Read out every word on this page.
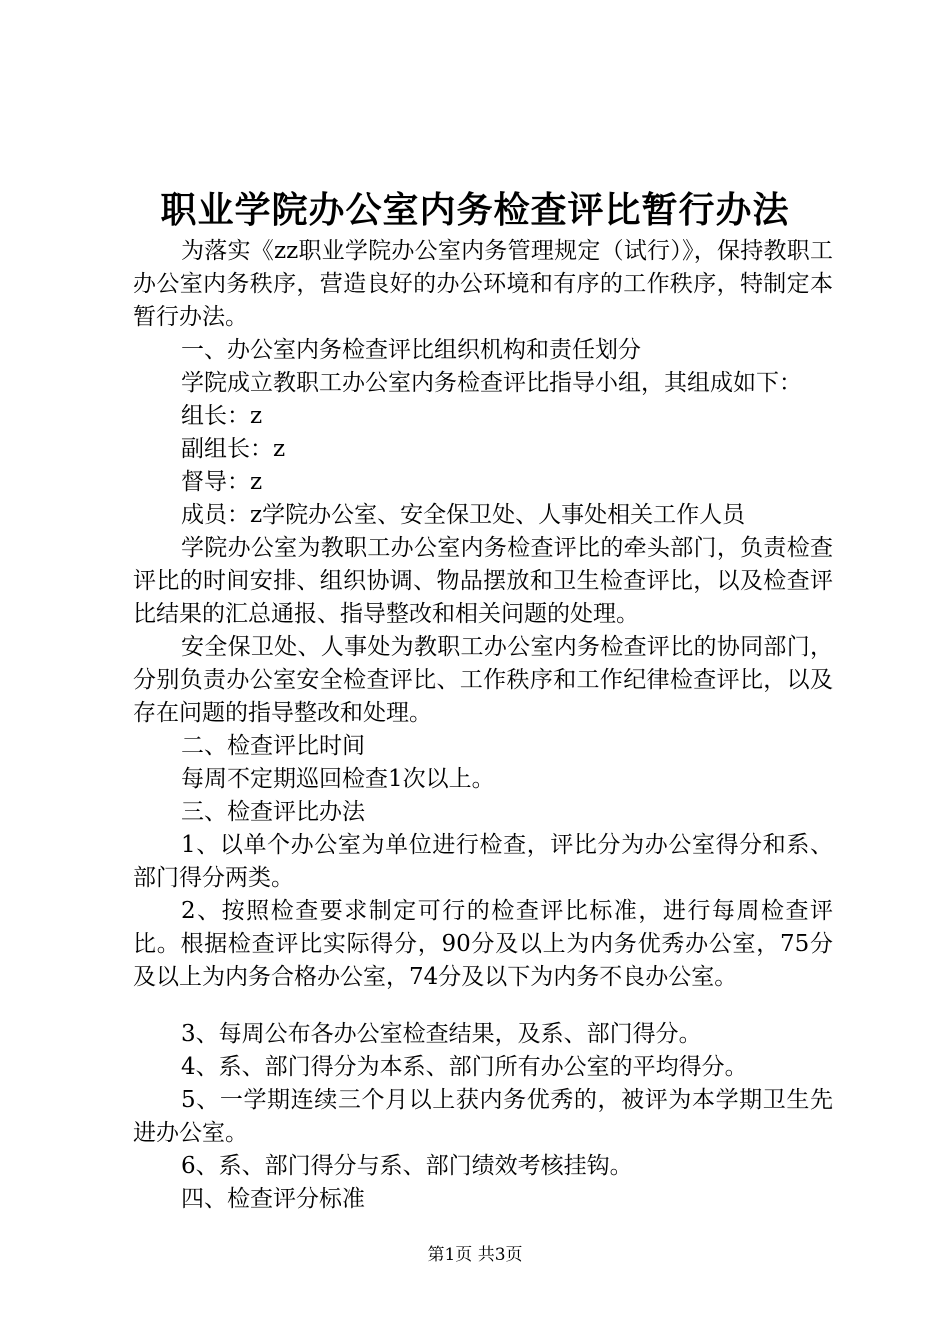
职业学院办公室内务检查评比暂行办法

为落实《zz职业学院办公室内务管理规定（试行）》，保持教职工办公室内务秩序，营造良好的办公环境和有序的工作秩序，特制定本暂行办法。

一、办公室内务检查评比组织机构和责任划分

学院成立教职工办公室内务检查评比指导小组，其组成如下：

组长：z

副组长：z

督导：z

成员：z学院办公室、安全保卫处、人事处相关工作人员

学院办公室为教职工办公室内务检查评比的牵头部门，负责检查评比的时间安排、组织协调、物品摆放和卫生检查评比，以及检查评比结果的汇总通报、指导整改和相关问题的处理。

安全保卫处、人事处为教职工办公室内务检查评比的协同部门，分别负责办公室安全检查评比、工作秩序和工作纪律检查评比，以及存在问题的指导整改和处理。

二、检查评比时间

每周不定期巡回检查1次以上。

三、检查评比办法

1、以单个办公室为单位进行检查，评比分为办公室得分和系、部门得分两类。

2、按照检查要求制定可行的检查评比标准，进行每周检查评比。根据检查评比实际得分，90分及以上为内务优秀办公室，75分及以上为内务合格办公室，74分及以下为内务不良办公室。

3、每周公布各办公室检查结果，及系、部门得分。

4、系、部门得分为本系、部门所有办公室的平均得分。

5、一学期连续三个月以上获内务优秀的，被评为本学期卫生先进办公室。

6、系、部门得分与系、部门绩效考核挂钩。

四、检查评分标准

第1页 共3页
